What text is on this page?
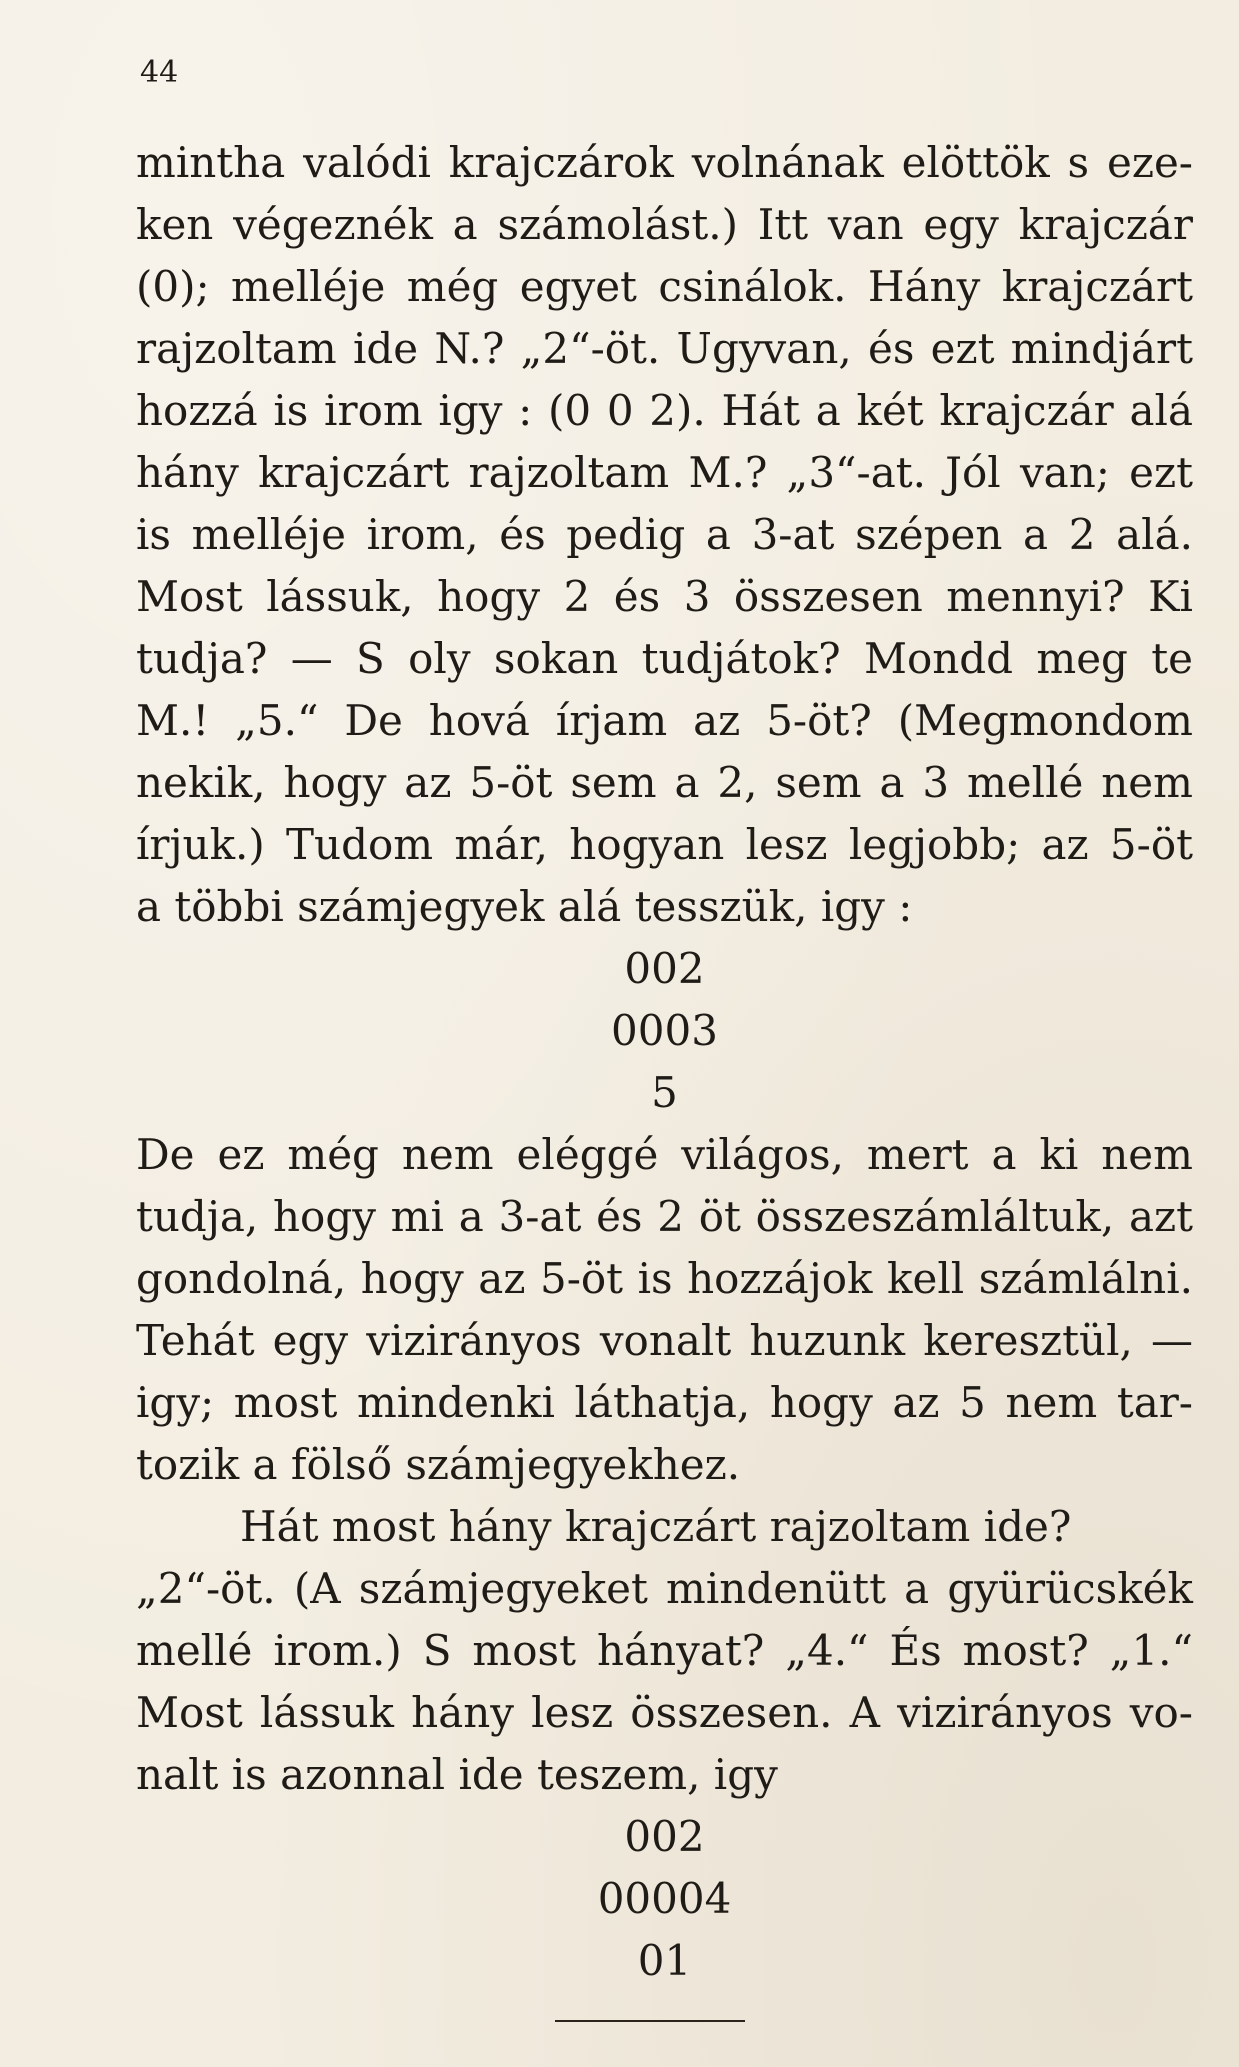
44
mintha valódi krajczárok volnának elöttök s eze-
ken végeznék a számolást.) Itt van egy krajczár
(0); melléje még egyet csinálok. Hány krajczárt
rajzoltam ide N.? „2“-öt. Ugyvan, és ezt mindjárt
hozzá is irom igy : (0 0 2). Hát a két krajczár alá
hány krajczárt rajzoltam M.? „3“-at. Jól van; ezt
is melléje irom, és pedig a 3-at szépen a 2 alá.
Most lássuk, hogy 2 és 3 összesen mennyi? Ki
tudja? — S oly sokan tudjátok? Mondd meg te
M.! „5.“ De hová írjam az 5-öt? (Megmondom
nekik, hogy az 5-öt sem a 2, sem a 3 mellé nem
írjuk.) Tudom már, hogyan lesz legjobb; az 5-öt
a többi számjegyek alá tesszük, igy :
002
0003
5
De ez még nem eléggé világos, mert a ki nem
tudja, hogy mi a 3-at és 2 öt összeszámláltuk, azt
gondolná, hogy az 5-öt is hozzájok kell számlálni.
Tehát egy vizirányos vonalt huzunk keresztül, —
igy; most mindenki láthatja, hogy az 5 nem tar-
tozik a fölső számjegyekhez.
Hát most hány krajczárt rajzoltam ide?
„2“-öt. (A számjegyeket mindenütt a gyürücskék
mellé irom.) S most hányat? „4.“ És most? „1.“
Most lássuk hány lesz összesen. A vizirányos vo-
nalt is azonnal ide teszem, igy
002
00004
01
